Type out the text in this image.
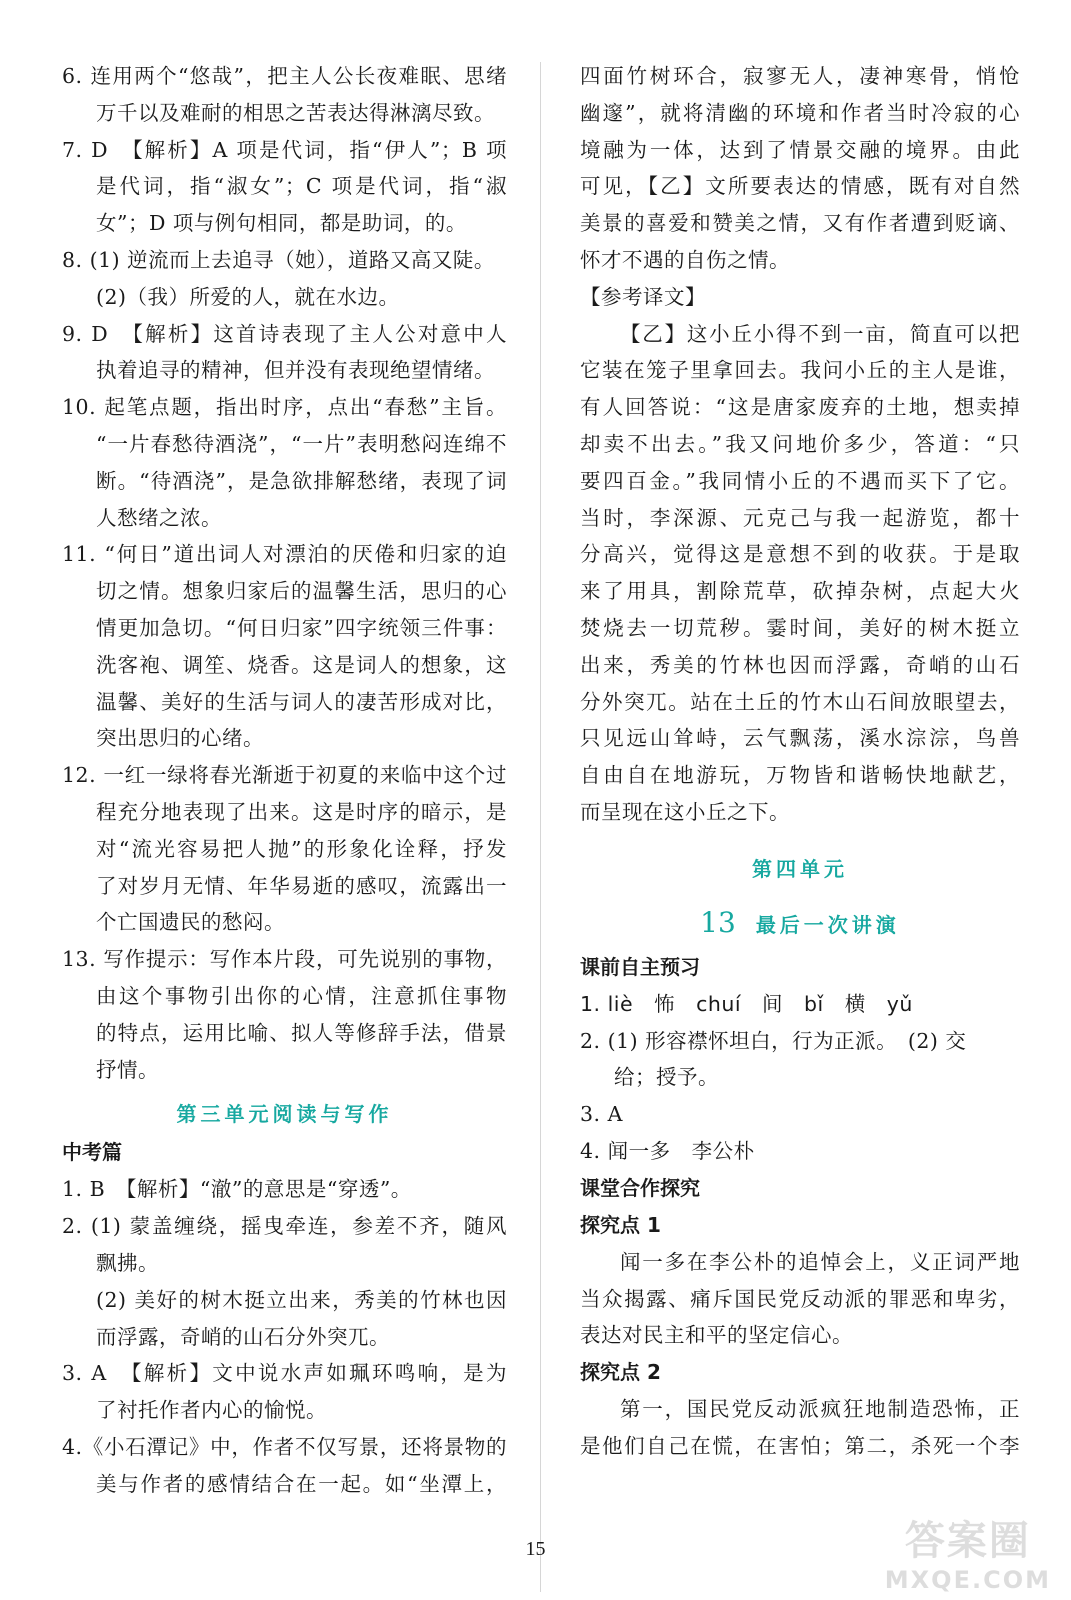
6. 连用两个“悠哉”，把主人公长夜难眠、思绪
万千以及难耐的相思之苦表达得淋漓尽致。
7. D　【解析】A 项是代词，指“伊人”；B 项
是代词，指“淑女”；C 项是代词，指“淑
女”；D 项与例句相同，都是助词，的。
8. (1) 逆流而上去追寻（她），道路又高又陡。
(2)（我）所爱的人，就在水边。
9. D　【解析】这首诗表现了主人公对意中人
执着追寻的精神，但并没有表现绝望情绪。
10. 起笔点题，指出时序，点出“春愁”主旨。
“一片春愁待酒浇”，“一片”表明愁闷连绵不
断。“待酒浇”，是急欲排解愁绪，表现了词
人愁绪之浓。
11. “何日”道出词人对漂泊的厌倦和归家的迫
切之情。想象归家后的温馨生活，思归的心
情更加急切。“何日归家”四字统领三件事：
洗客袍、调笙、烧香。这是词人的想象，这
温馨、美好的生活与词人的凄苦形成对比，
突出思归的心绪。
12. 一红一绿将春光渐逝于初夏的来临中这个过
程充分地表现了出来。这是时序的暗示，是
对“流光容易把人抛”的形象化诠释，抒发
了对岁月无情、年华易逝的感叹，流露出一
个亡国遗民的愁闷。
13. 写作提示：写作本片段，可先说别的事物，
由这个事物引出你的心情，注意抓住事物
的特点，运用比喻、拟人等修辞手法，借景
抒情。
第三单元阅读与写作
中考篇
1. B　【解析】“澈”的意思是“穿透”。
2. (1) 蒙盖缠绕，摇曳牵连，参差不齐，随风
飘拂。
(2) 美好的树木挺立出来，秀美的竹林也因
而浮露，奇峭的山石分外突兀。
3. A　【解析】文中说水声如珮环鸣响，是为
了衬托作者内心的愉悦。
4.《小石潭记》中，作者不仅写景，还将景物的
美与作者的感情结合在一起。如“坐潭上，
四面竹树环合，寂寥无人，凄神寒骨，悄怆
幽邃”，就将清幽的环境和作者当时冷寂的心
境融为一体，达到了情景交融的境界。由此
可见，【乙】文所要表达的情感，既有对自然
美景的喜爱和赞美之情，又有作者遭到贬谪、
怀才不遇的自伤之情。
【参考译文】
【乙】这小丘小得不到一亩，简直可以把
它装在笼子里拿回去。我问小丘的主人是谁，
有人回答说：“这是唐家废弃的土地，想卖掉
却卖不出去。”我又问地价多少，答道：“只
要四百金。”我同情小丘的不遇而买下了它。
当时，李深源、元克己与我一起游览，都十
分高兴，觉得这是意想不到的收获。于是取
来了用具，割除荒草，砍掉杂树，点起大火
焚烧去一切荒秽。霎时间，美好的树木挺立
出来，秀美的竹林也因而浮露，奇峭的山石
分外突兀。站在土丘的竹木山石间放眼望去，
只见远山耸峙，云气飘荡，溪水淙淙，鸟兽
自由自在地游玩，万物皆和谐畅快地献艺，
而呈现在这小丘之下。
第四单元
13 最后一次讲演
课前自主预习
1. liè　怖　chuí　间　bǐ　横　yǔ
2. (1) 形容襟怀坦白，行为正派。　(2) 交
给；授予。
3. A
4. 闻一多　李公朴
课堂合作探究
探究点 1
闻一多在李公朴的追悼会上，义正词严地
当众揭露、痛斥国民党反动派的罪恶和卑劣，
表达对民主和平的坚定信心。
探究点 2
第一，国民党反动派疯狂地制造恐怖，正
是他们自己在慌，在害怕；第二，杀死一个李
15	答案圈
MXQE.COM
